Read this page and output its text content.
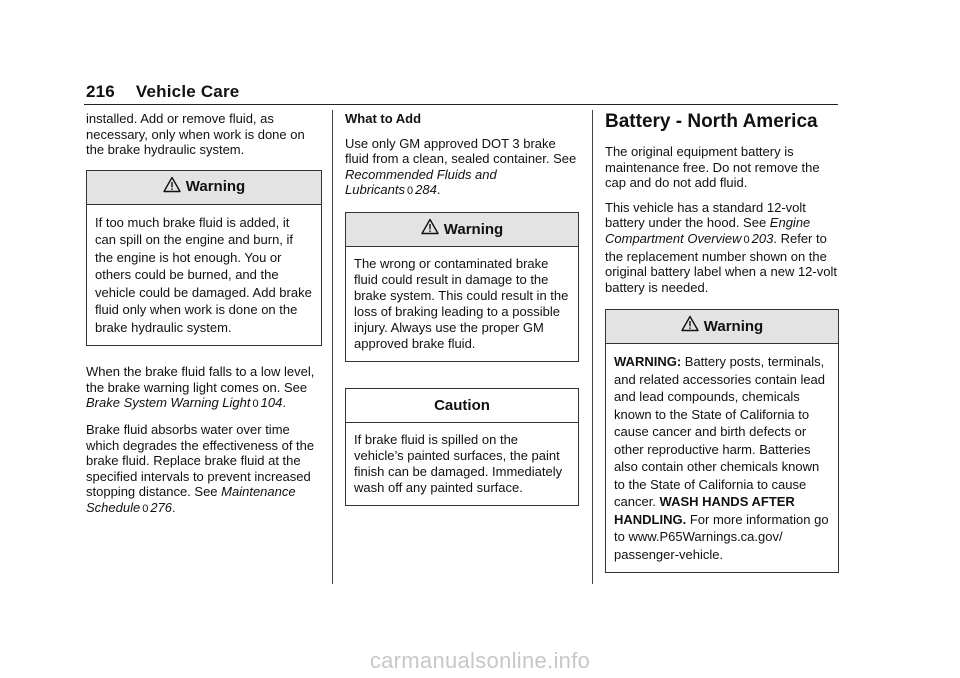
216 Vehicle Care

installed. Add or remove fluid, as necessary, only when work is done on the brake hydraulic system.

Warning
If too much brake fluid is added, it can spill on the engine and burn, if the engine is hot enough. You or others could be burned, and the vehicle could be damaged. Add brake fluid only when work is done on the brake hydraulic system.

When the brake fluid falls to a low level, the brake warning light comes on. See Brake System Warning Light 0 104.

Brake fluid absorbs water over time which degrades the effectiveness of the brake fluid. Replace brake fluid at the specified intervals to prevent increased stopping distance. See Maintenance Schedule 0 276.

What to Add

Use only GM approved DOT 3 brake fluid from a clean, sealed container. See Recommended Fluids and Lubricants 0 284.

Warning
The wrong or contaminated brake fluid could result in damage to the brake system. This could result in the loss of braking leading to a possible injury. Always use the proper GM approved brake fluid.
Caution
If brake fluid is spilled on the vehicle’s painted surfaces, the paint finish can be damaged. Immediately wash off any painted surface.
Battery - North America

The original equipment battery is maintenance free. Do not remove the cap and do not add fluid.

This vehicle has a standard 12-volt battery under the hood. See Engine Compartment Overview 0 203. Refer to the replacement number shown on the original battery label when a new 12-volt battery is needed.

Warning
WARNING: Battery posts, terminals, and related accessories contain lead and lead compounds, chemicals known to the State of California to cause cancer and birth defects or other reproductive harm. Batteries also contain other chemicals known to the State of California to cause cancer. WASH HANDS AFTER HANDLING. For more information go to www.P65Warnings.ca.gov/ passenger-vehicle.
carmanualsonline.info
